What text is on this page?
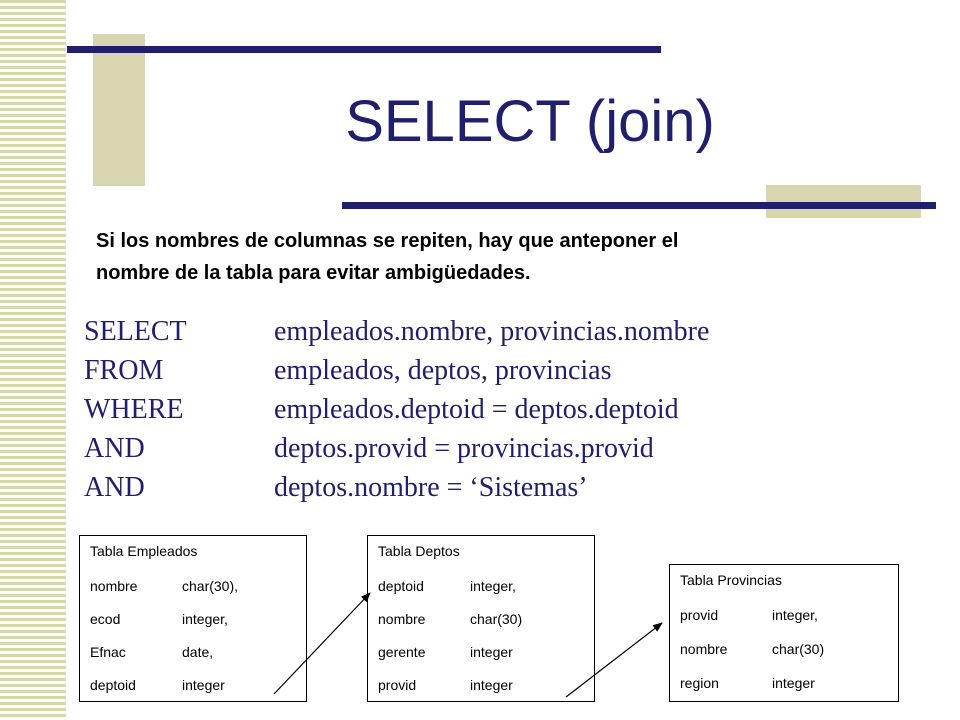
SELECT (join)
Si los nombres de columnas se repiten, hay que anteponer el
nombre de la tabla para evitar ambigüedades.
SELECT	empleados.nombre, provincias.nombre
FROM	empleados, deptos, provincias
WHERE	empleados.deptoid = deptos.deptoid
AND	deptos.provid = provincias.provid
AND	deptos.nombre = ‘Sistemas’
Tabla Empleados
nombre	char(30),
ecod	integer,
Efnac	date,
deptoid	integer
Tabla Deptos
deptoid	integer,
nombre	char(30)
gerente	integer
provid	integer
Tabla Provincias
provid	integer,
nombre	char(30)
region	integer
